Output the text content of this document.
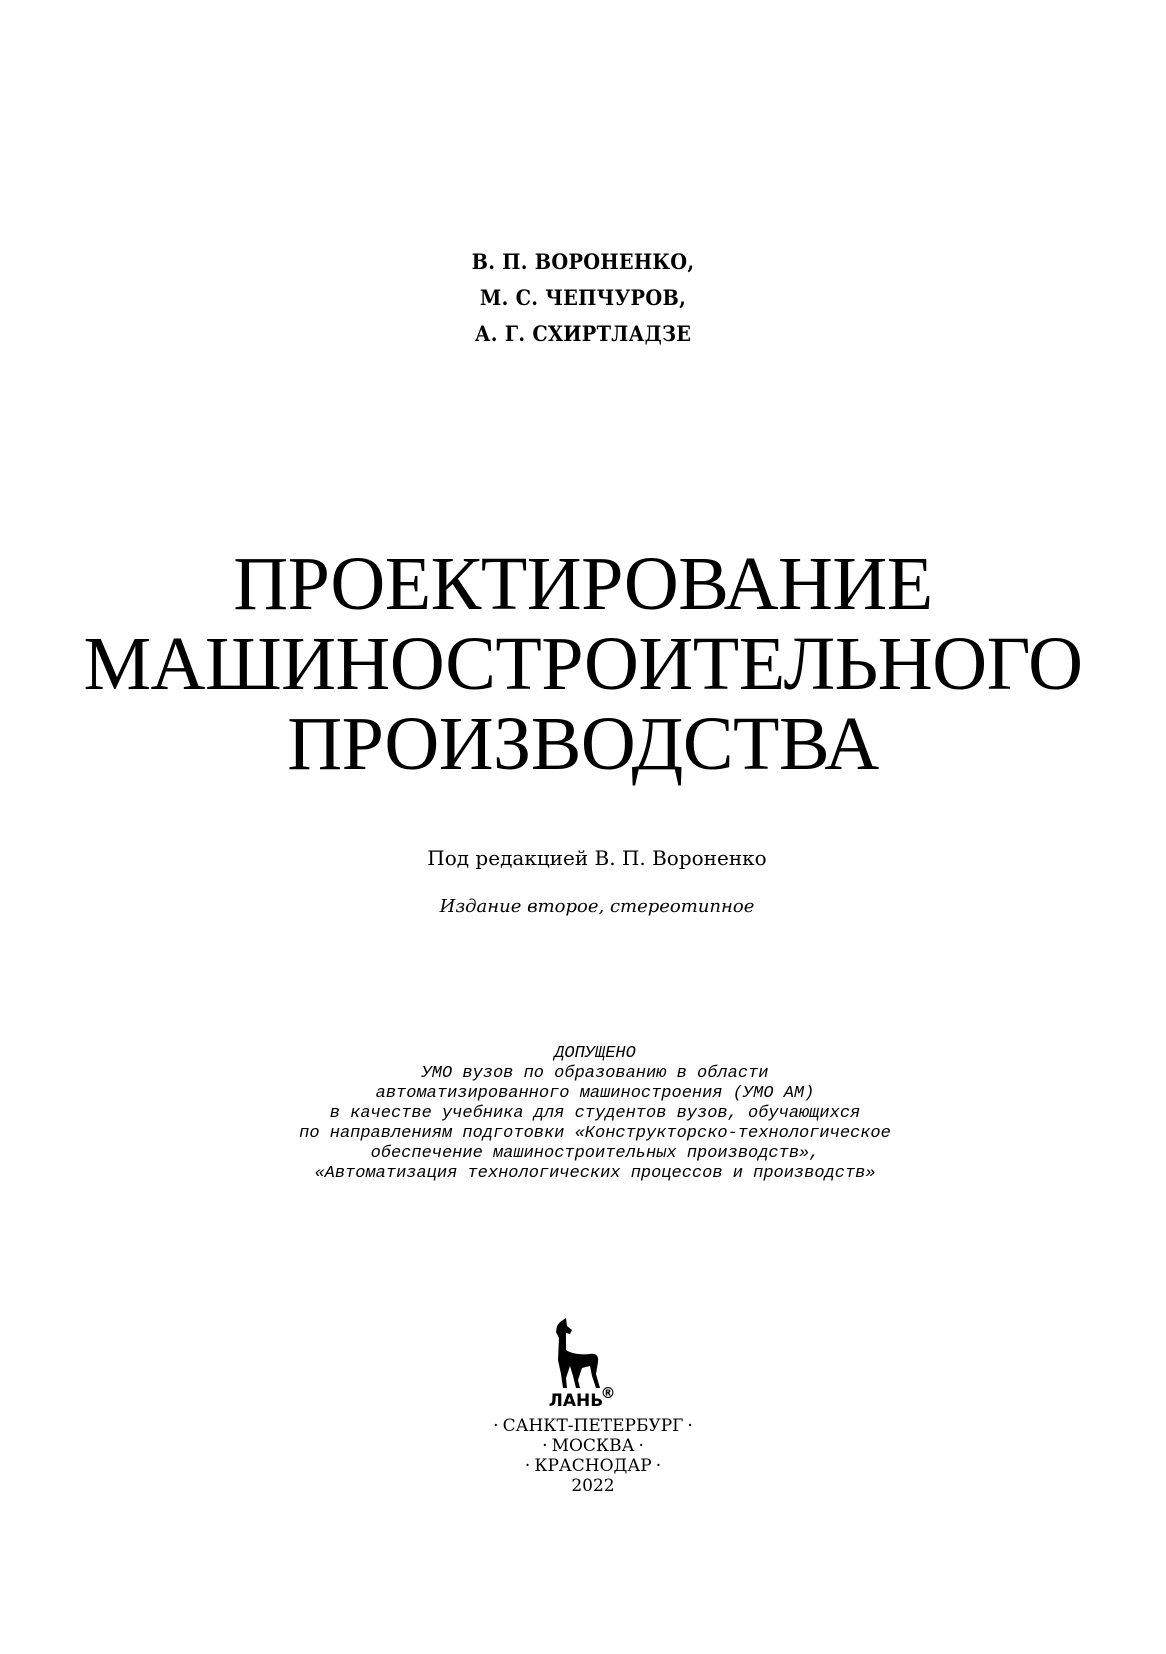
В. П. ВОРОНЕНКО,
М. С. ЧЕПЧУРОВ,
А. Г. СХИРТЛАДЗЕ
ПРОЕКТИРОВАНИЕ
МАШИНОСТРОИТЕЛЬНОГО
ПРОИЗВОДСТВА
Под редакцией В. П. Вороненко
Издание второе, стереотипное
ДОПУЩЕНО
УМО вузов по образованию в области
автоматизированного машиностроения (УМО АМ)
в качестве учебника для студентов вузов, обучающихся
по направлениям подготовки «Конструкторско-технологическое
обеспечение машиностроительных производств»,
«Автоматизация технологических процессов и производств»
ЛАНЬ
®
· САНКТ-ПЕТЕРБУРГ ·
· МОСКВА ·
· КРАСНОДАР ·
2022
